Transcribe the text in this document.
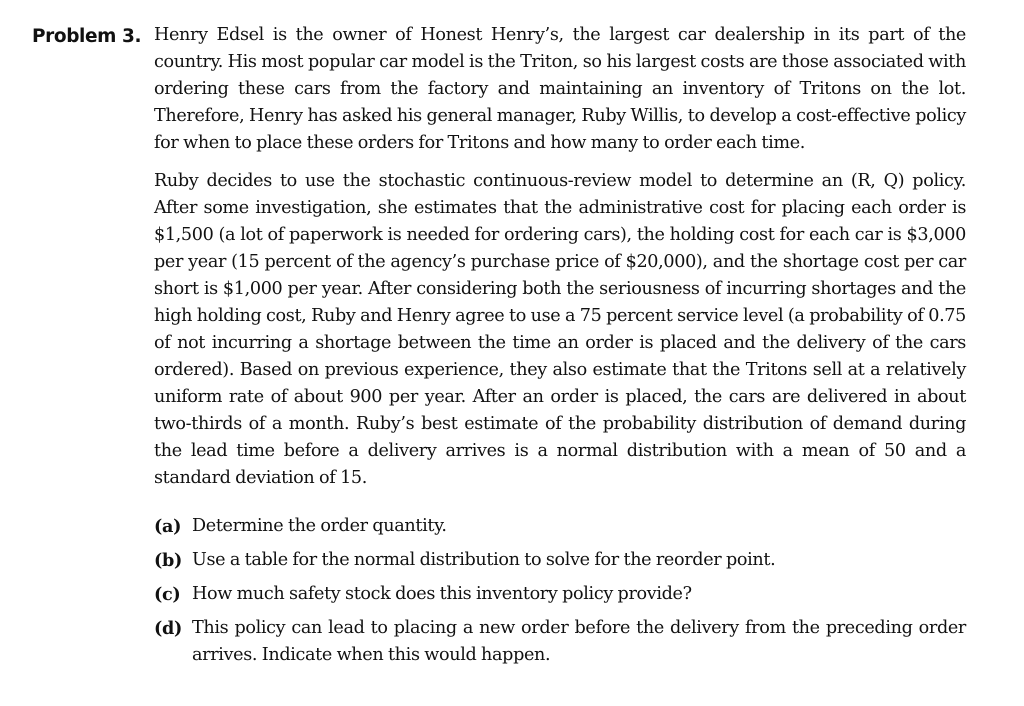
Problem 3. Henry Edsel is the owner of Honest Henry’s, the largest car dealership in its part of the country. His most popular car model is the Triton, so his largest costs are those associated with ordering these cars from the factory and maintaining an inventory of Tritons on the lot. Therefore, Henry has asked his general manager, Ruby Willis, to develop a cost-effective policy for when to place these orders for Tritons and how many to order each time.

Ruby decides to use the stochastic continuous-review model to determine an (R, Q) policy. After some investigation, she estimates that the administrative cost for placing each order is $1,500 (a lot of paperwork is needed for ordering cars), the holding cost for each car is $3,000 per year (15 percent of the agency’s purchase price of $20,000), and the shortage cost per car short is $1,000 per year. After considering both the seriousness of incurring shortages and the high holding cost, Ruby and Henry agree to use a 75 percent service level (a probability of 0.75 of not incurring a shortage between the time an order is placed and the delivery of the cars ordered). Based on previous experience, they also estimate that the Tritons sell at a relatively uniform rate of about 900 per year. After an order is placed, the cars are delivered in about two-thirds of a month. Ruby’s best estimate of the probability distribution of demand during the lead time before a delivery arrives is a normal distribution with a mean of 50 and a standard deviation of 15.

(a) Determine the order quantity.
(b) Use a table for the normal distribution to solve for the reorder point.
(c) How much safety stock does this inventory policy provide?
(d) This policy can lead to placing a new order before the delivery from the preceding order arrives. Indicate when this would happen.
